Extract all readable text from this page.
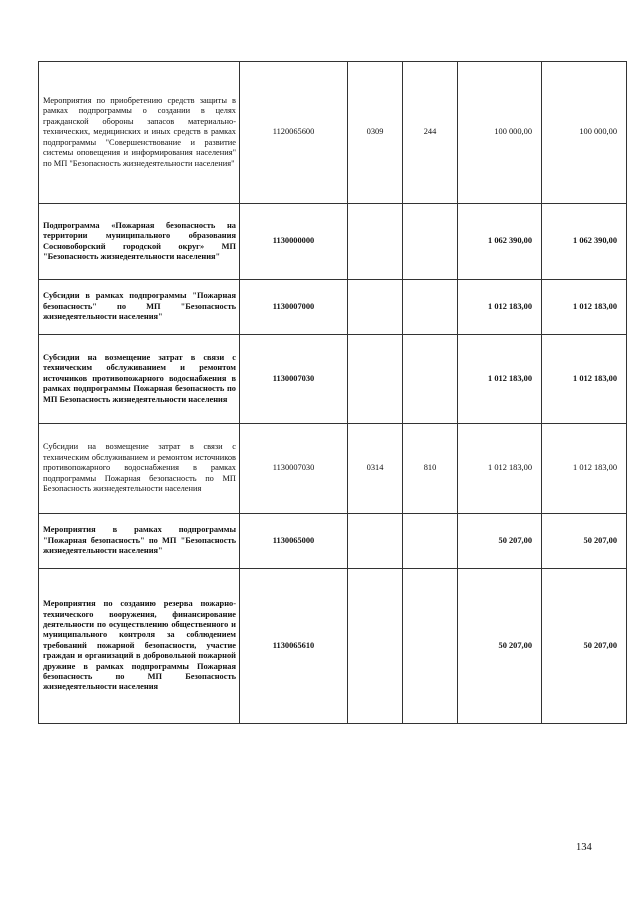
Мероприятия по приобретению средств защиты в рамках подпрограммы о создании в целях гражданской обороны запасов материально-технических, медицинских и иных средств в рамках подпрограммы "Совершенствование и развитие системы оповещения и информирования населения" по МП "Безопасность жизнедеятельности населения"	1120065600	0309	244	100 000,00	100 000,00
Подпрограмма «Пожарная безопасность на территории муниципального образования Сосновоборский городской округ» МП "Безопасность жизнедеятельности населения"	1130000000			1 062 390,00	1 062 390,00
Субсидии в рамках подпрограммы "Пожарная безопасность" по МП "Безопасность жизнедеятельности населения"	1130007000			1 012 183,00	1 012 183,00
Субсидии на возмещение затрат в связи с техническим обслуживанием и ремонтом источников противопожарного водоснабжения в рамках подпрограммы Пожарная безопасность по МП Безопасность жизнедеятельности населения	1130007030			1 012 183,00	1 012 183,00
Субсидии на возмещение затрат в связи с техническим обслуживанием и ремонтом источников противопожарного водоснабжения в рамках подпрограммы Пожарная безопасность по МП Безопасность жизнедеятельности населения	1130007030	0314	810	1 012 183,00	1 012 183,00
Мероприятия в рамках подпрограммы "Пожарная безопасность" по МП "Безопасность жизнедеятельности населения"	1130065000			50 207,00	50 207,00
Мероприятия по созданию резерва пожарно-технического вооружения, финансирование деятельности по осуществлению общественного и муниципального контроля за соблюдением требований пожарной безопасности, участие граждан и организаций в добровольной пожарной дружине в рамках подпрограммы Пожарная безопасность по МП Безопасность жизнедеятельности населения	1130065610			50 207,00	50 207,00
134
